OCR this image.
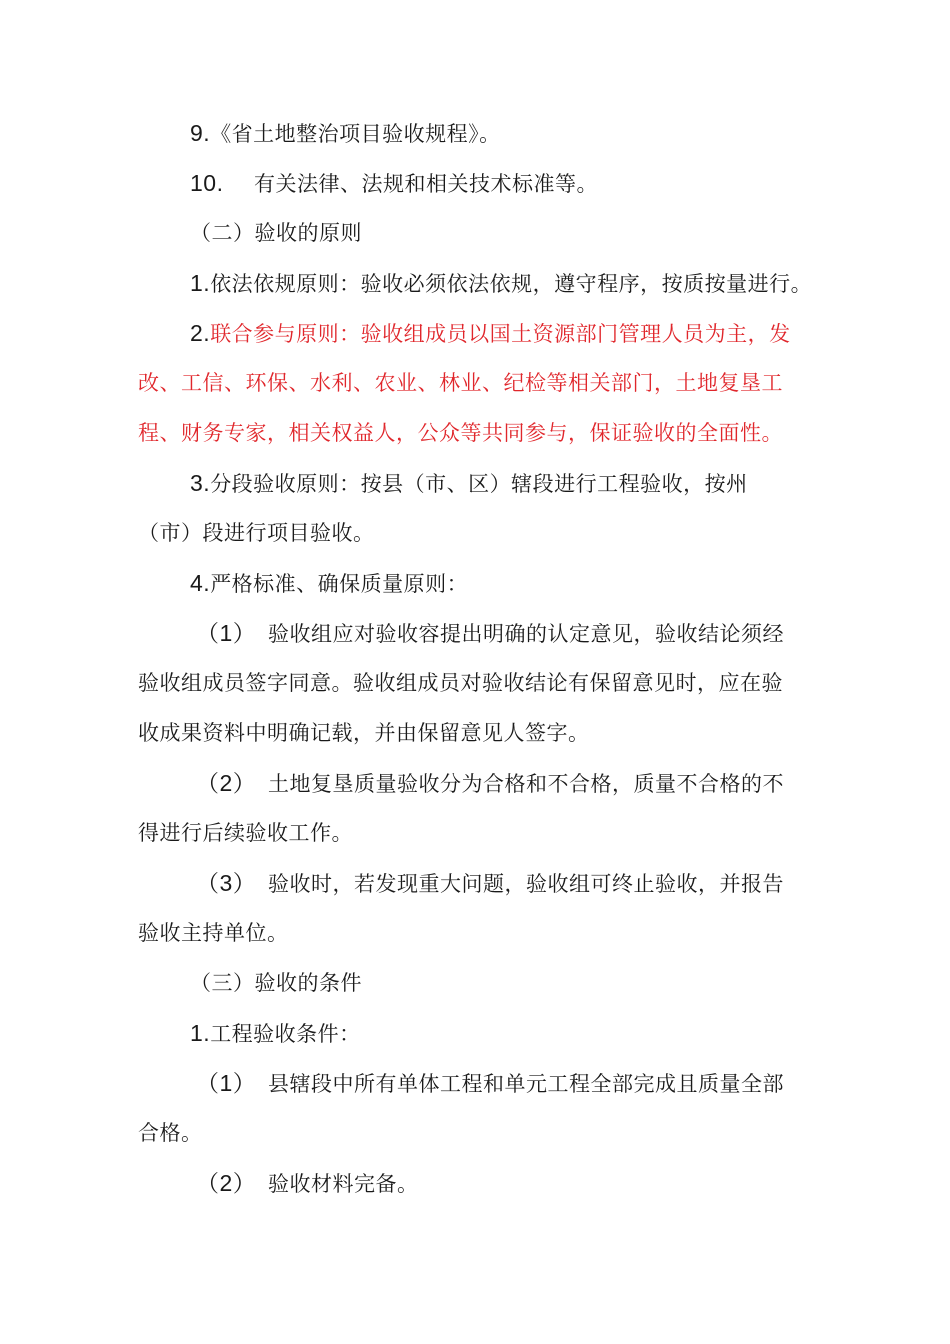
9.《省土地整治项目验收规程》。
10. 有关法律、法规和相关技术标准等。
（二）验收的原则
1.依法依规原则：验收必须依法依规，遵守程序，按质按量进行。
2.联合参与原则：验收组成员以国土资源部门管理人员为主，发
改、工信、环保、水利、农业、林业、纪检等相关部门，土地复垦工
程、财务专家，相关权益人，公众等共同参与，保证验收的全面性。
3.分段验收原则：按县（市、区）辖段进行工程验收，按州
（市）段进行项目验收。
4.严格标准、确保质量原则：
（1） 验收组应对验收容提出明确的认定意见，验收结论须经
验收组成员签字同意。验收组成员对验收结论有保留意见时，应在验
收成果资料中明确记载，并由保留意见人签字。
（2） 土地复垦质量验收分为合格和不合格，质量不合格的不
得进行后续验收工作。
（3） 验收时，若发现重大问题，验收组可终止验收，并报告
验收主持单位。
（三）验收的条件
1.工程验收条件：
（1） 县辖段中所有单体工程和单元工程全部完成且质量全部
合格。
（2） 验收材料完备。
